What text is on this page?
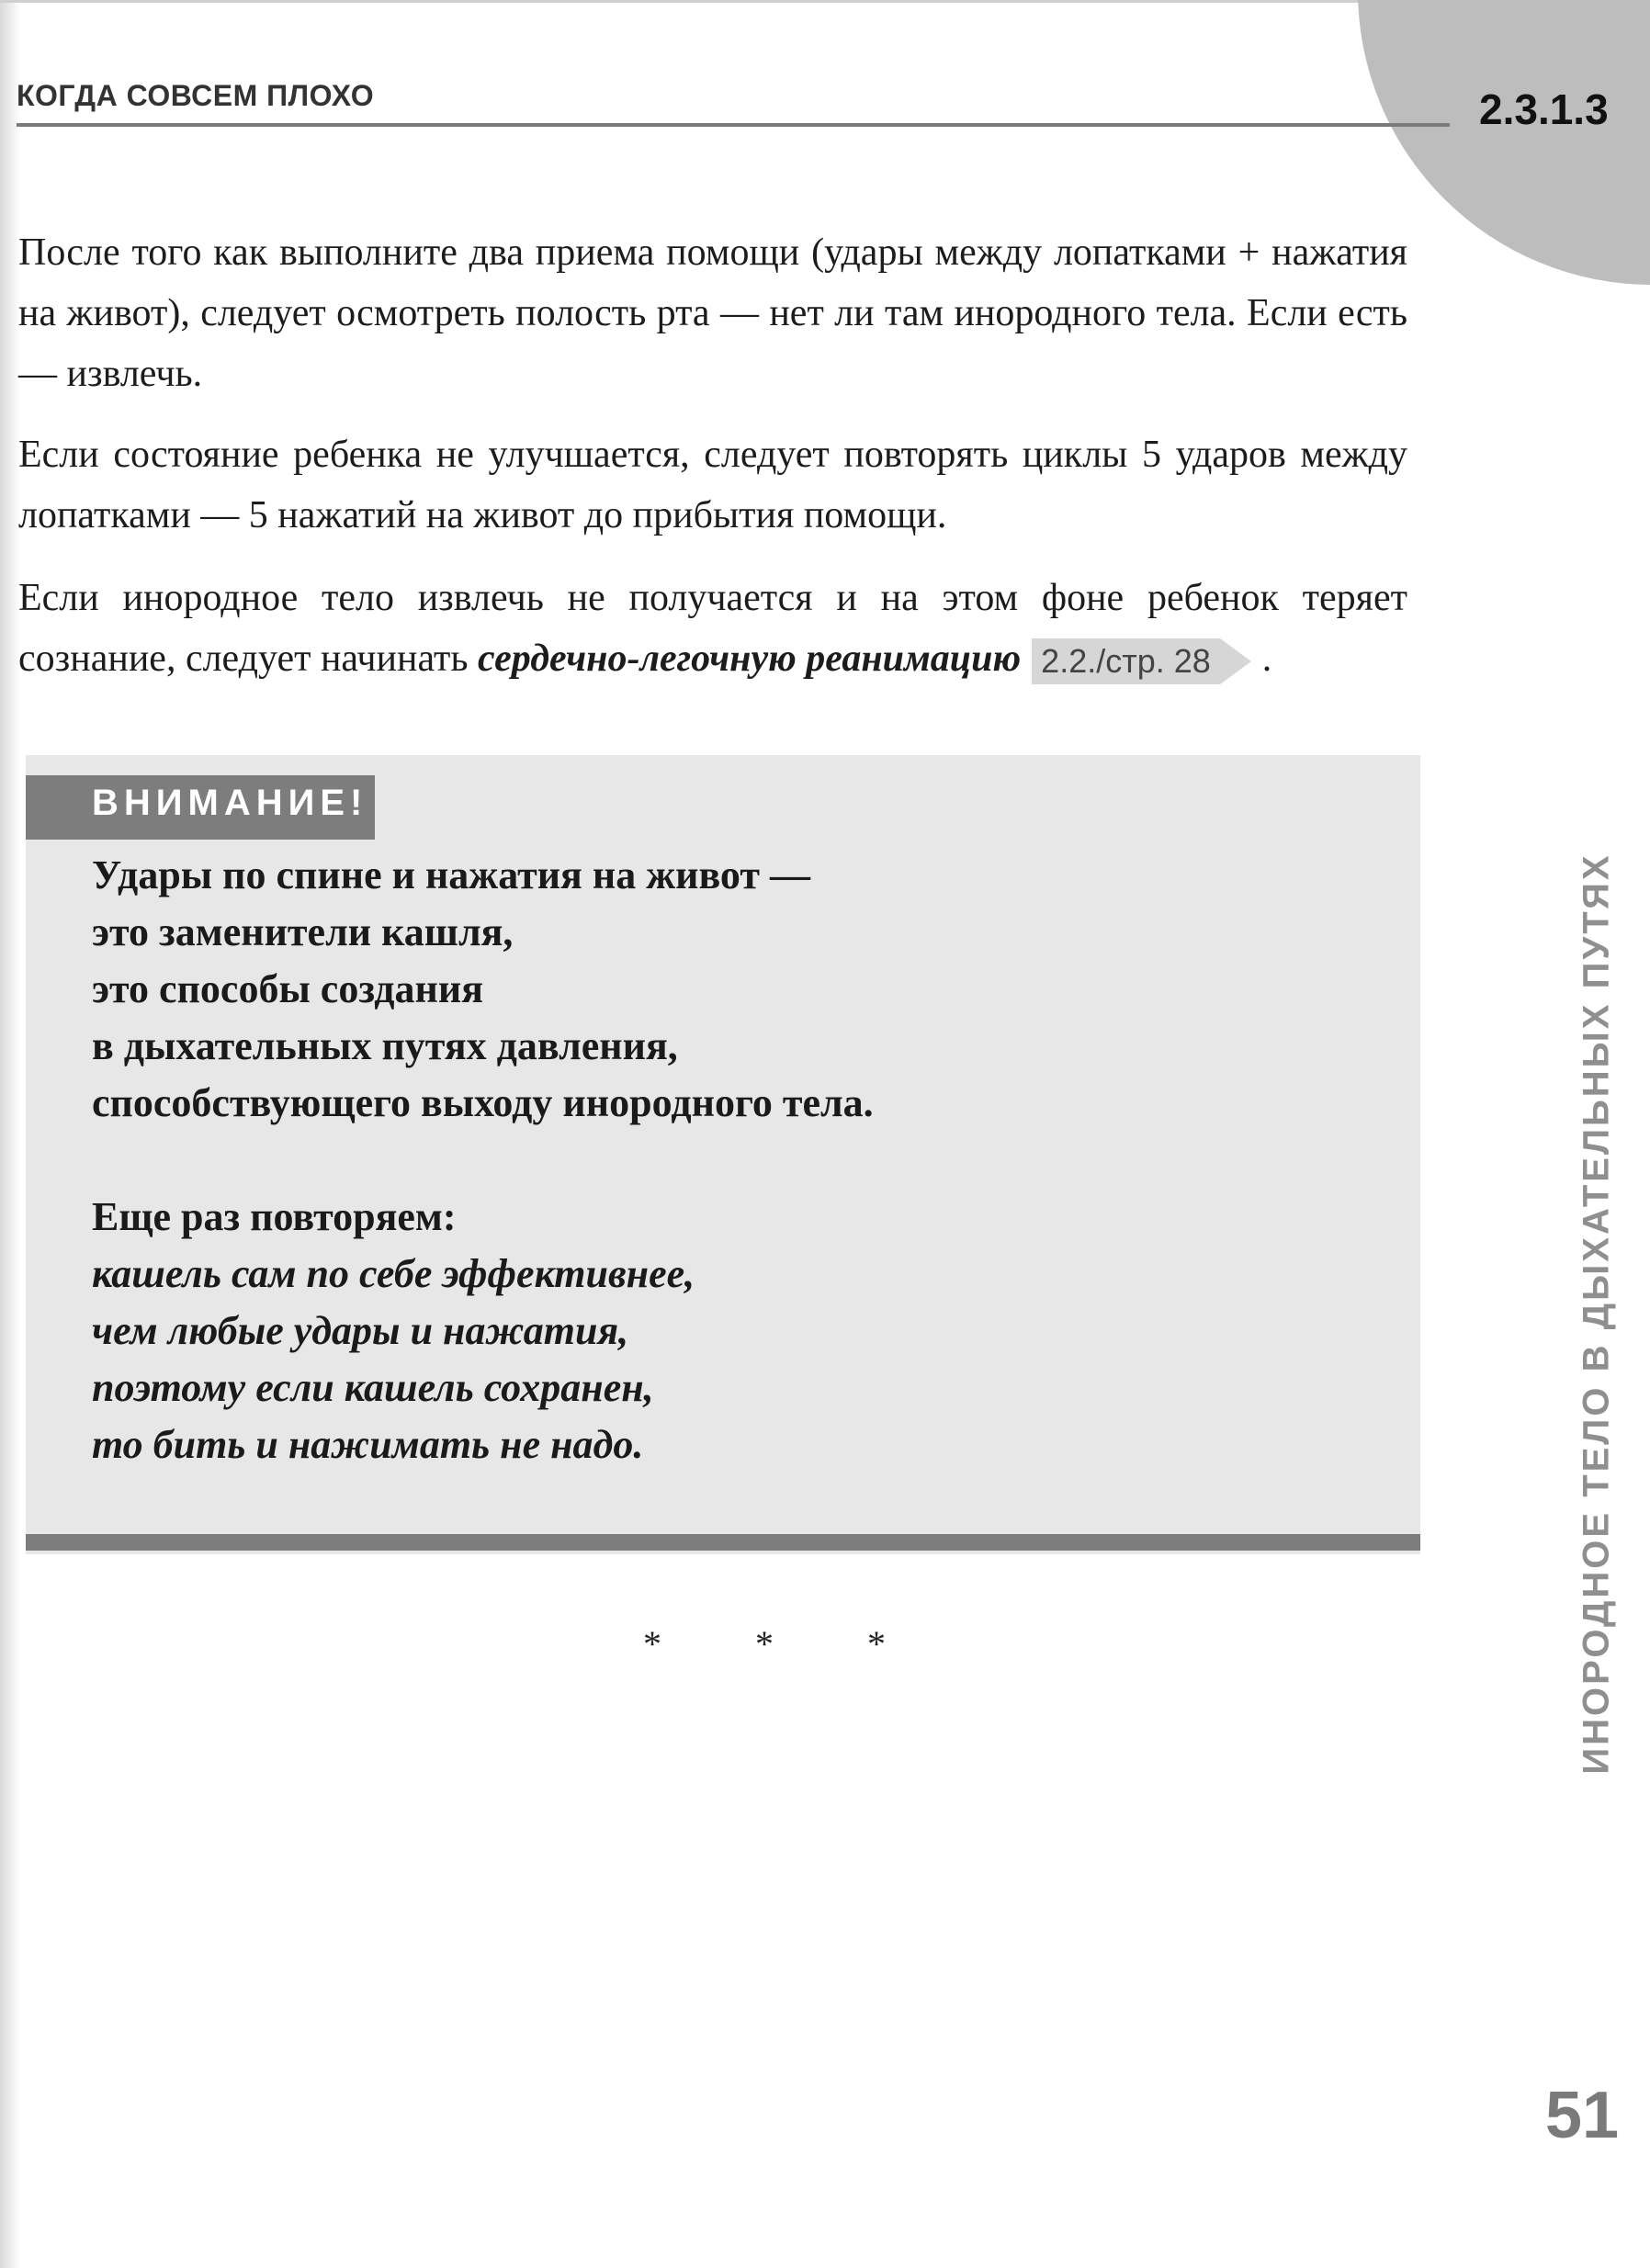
КОГДА СОВСЕМ ПЛОХО	2.3.1.3

После того как выполните два приема помощи (удары между лопатками + нажатия на живот), следует осмотреть полость рта — нет ли там инородного тела. Если есть — извлечь.

Если состояние ребенка не улучшается, следует повторять циклы 5 ударов между лопатками — 5 нажатий на живот до прибытия помощи.

Если инородное тело извлечь не получается и на этом фоне ребенок теряет сознание, следует начинать сердечно-легочную реанимацию 2.2./стр. 28 .

ВНИМАНИЕ!
Удары по спине и нажатия на живот —
это заменители кашля,
это способы создания
в дыхательных путях давления,
способствующего выходу инородного тела.
Еще раз повторяем:
кашель сам по себе эффективнее,
чем любые удары и нажатия,
поэтому если кашель сохранен,
то бить и нажимать не надо.
* * *	ИНОРОДНОЕ ТЕЛО В ДЫХАТЕЛЬНЫХ ПУТЯХ
51
